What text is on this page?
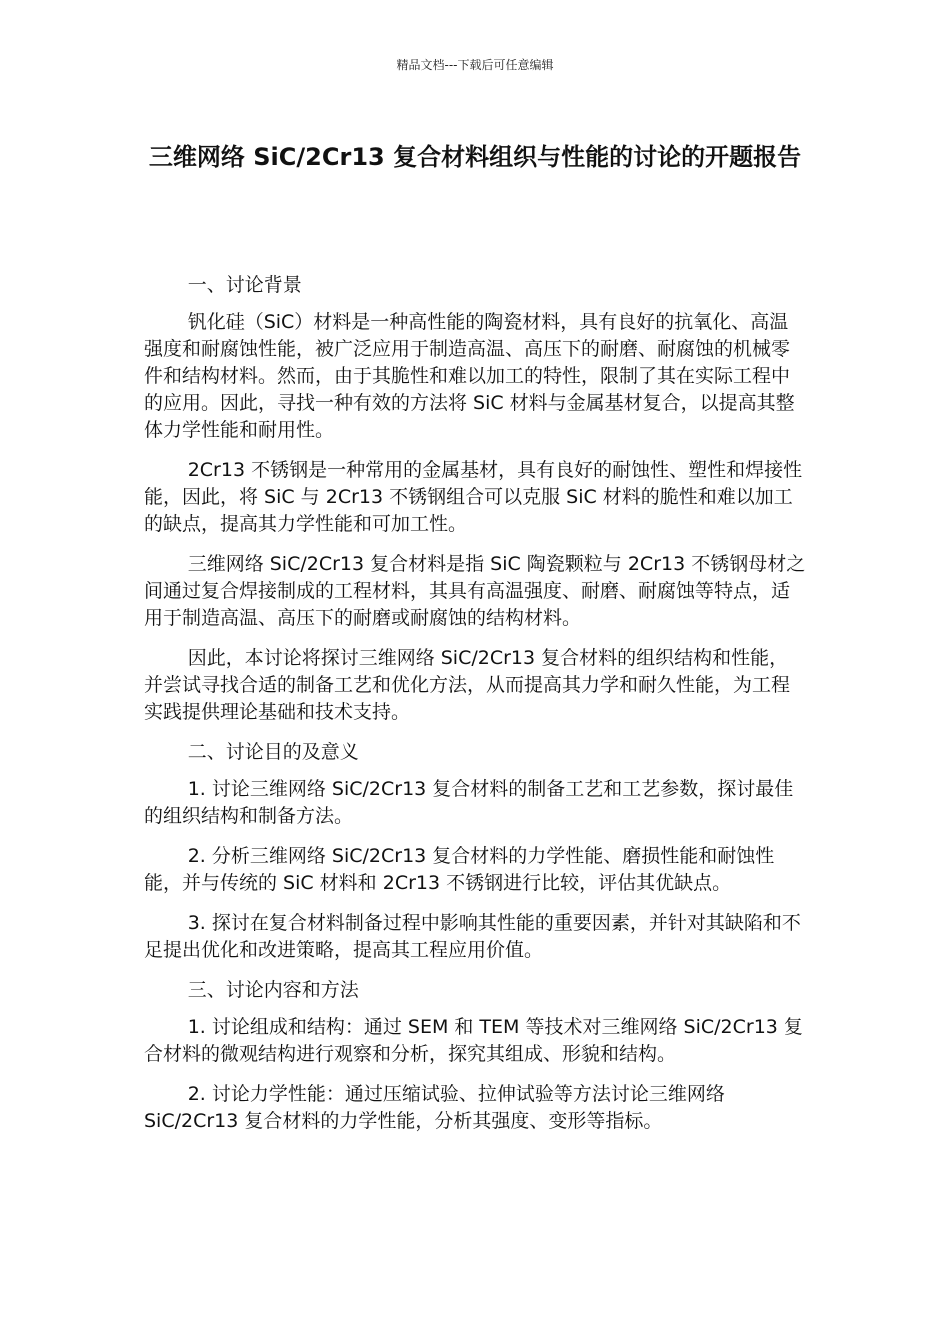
精品文档---下载后可任意编辑
三维网络 SiC/2Cr13 复合材料组织与性能的讨论的开题报告

一、讨论背景

钒化硅（SiC）材料是一种高性能的陶瓷材料，具有良好的抗氧化、高温强度和耐腐蚀性能，被广泛应用于制造高温、高压下的耐磨、耐腐蚀的机械零件和结构材料。然而，由于其脆性和难以加工的特性，限制了其在实际工程中的应用。因此，寻找一种有效的方法将 SiC 材料与金属基材复合，以提高其整体力学性能和耐用性。

2Cr13 不锈钢是一种常用的金属基材，具有良好的耐蚀性、塑性和焊接性能，因此，将 SiC 与 2Cr13 不锈钢组合可以克服 SiC 材料的脆性和难以加工的缺点，提高其力学性能和可加工性。

三维网络 SiC/2Cr13 复合材料是指 SiC 陶瓷颗粒与 2Cr13 不锈钢母材之间通过复合焊接制成的工程材料，其具有高温强度、耐磨、耐腐蚀等特点，适用于制造高温、高压下的耐磨或耐腐蚀的结构材料。

因此，本讨论将探讨三维网络 SiC/2Cr13 复合材料的组织结构和性能，并尝试寻找合适的制备工艺和优化方法，从而提高其力学和耐久性能，为工程实践提供理论基础和技术支持。

二、讨论目的及意义

1. 讨论三维网络 SiC/2Cr13 复合材料的制备工艺和工艺参数，探讨最佳的组织结构和制备方法。

2. 分析三维网络 SiC/2Cr13 复合材料的力学性能、磨损性能和耐蚀性能，并与传统的 SiC 材料和 2Cr13 不锈钢进行比较，评估其优缺点。

3. 探讨在复合材料制备过程中影响其性能的重要因素，并针对其缺陷和不足提出优化和改进策略，提高其工程应用价值。

三、讨论内容和方法

1. 讨论组成和结构：通过 SEM 和 TEM 等技术对三维网络 SiC/2Cr13 复合材料的微观结构进行观察和分析，探究其组成、形貌和结构。

2. 讨论力学性能：通过压缩试验、拉伸试验等方法讨论三维网络 SiC/2Cr13 复合材料的力学性能，分析其强度、变形等指标。
